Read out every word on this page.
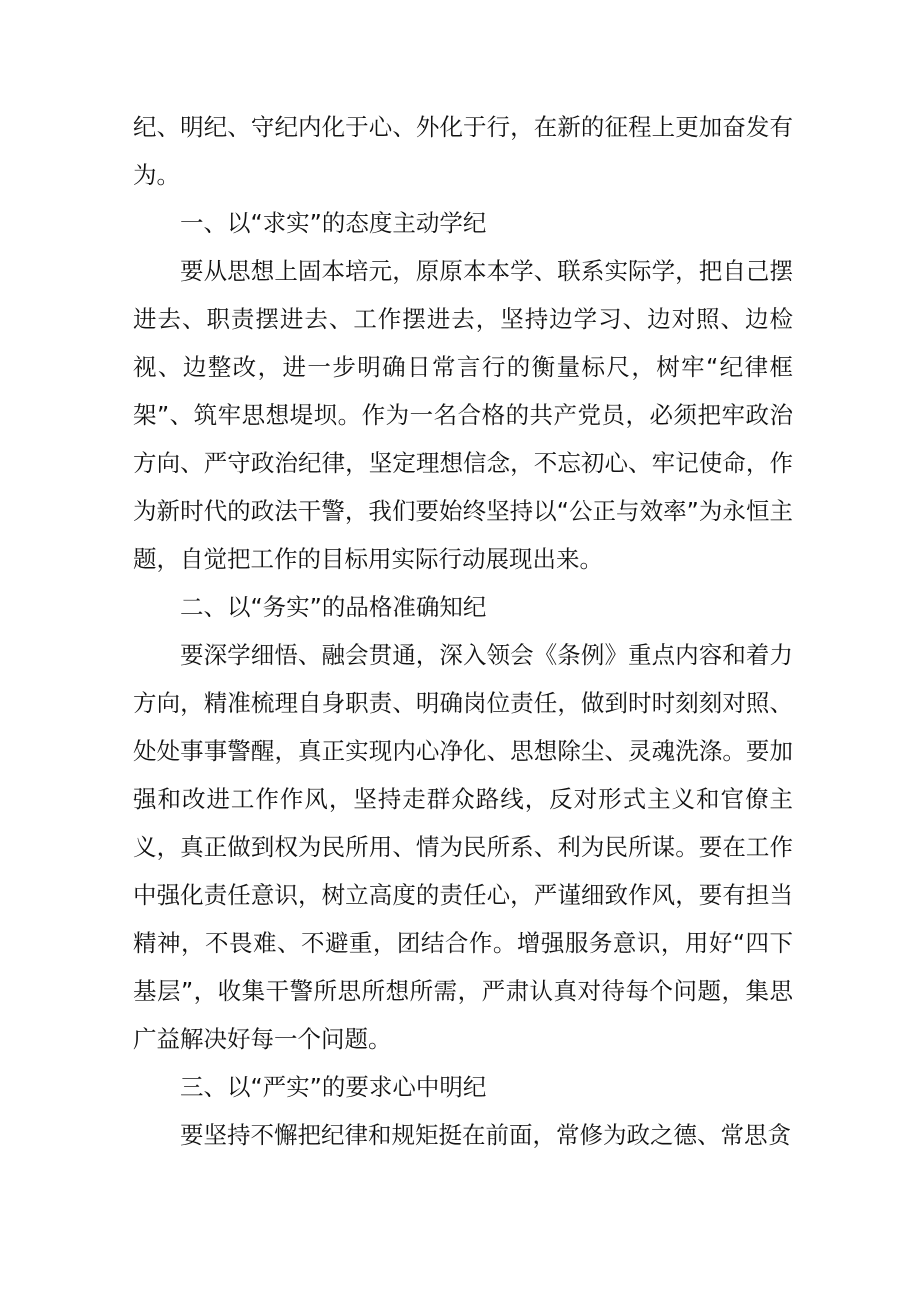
纪、明纪、守纪内化于心、外化于行，在新的征程上更加奋发有为。

一、以“求实”的态度主动学纪

要从思想上固本培元，原原本本学、联系实际学，把自己摆进去、职责摆进去、工作摆进去，坚持边学习、边对照、边检视、边整改，进一步明确日常言行的衡量标尺，树牢“纪律框架”、筑牢思想堤坝。作为一名合格的共产党员，必须把牢政治方向、严守政治纪律，坚定理想信念，不忘初心、牢记使命，作为新时代的政法干警，我们要始终坚持以“公正与效率”为永恒主题，自觉把工作的目标用实际行动展现出来。

二、以“务实”的品格准确知纪

要深学细悟、融会贯通，深入领会《条例》重点内容和着力方向，精准梳理自身职责、明确岗位责任，做到时时刻刻对照、处处事事警醒，真正实现内心净化、思想除尘、灵魂洗涤。要加强和改进工作作风，坚持走群众路线，反对形式主义和官僚主义，真正做到权为民所用、情为民所系、利为民所谋。要在工作中强化责任意识，树立高度的责任心，严谨细致作风，要有担当精神，不畏难、不避重，团结合作。增强服务意识，用好“四下基层”，收集干警所思所想所需，严肃认真对待每个问题，集思广益解决好每一个问题。

三、以“严实”的要求心中明纪

要坚持不懈把纪律和规矩挺在前面，常修为政之德、常思贪
